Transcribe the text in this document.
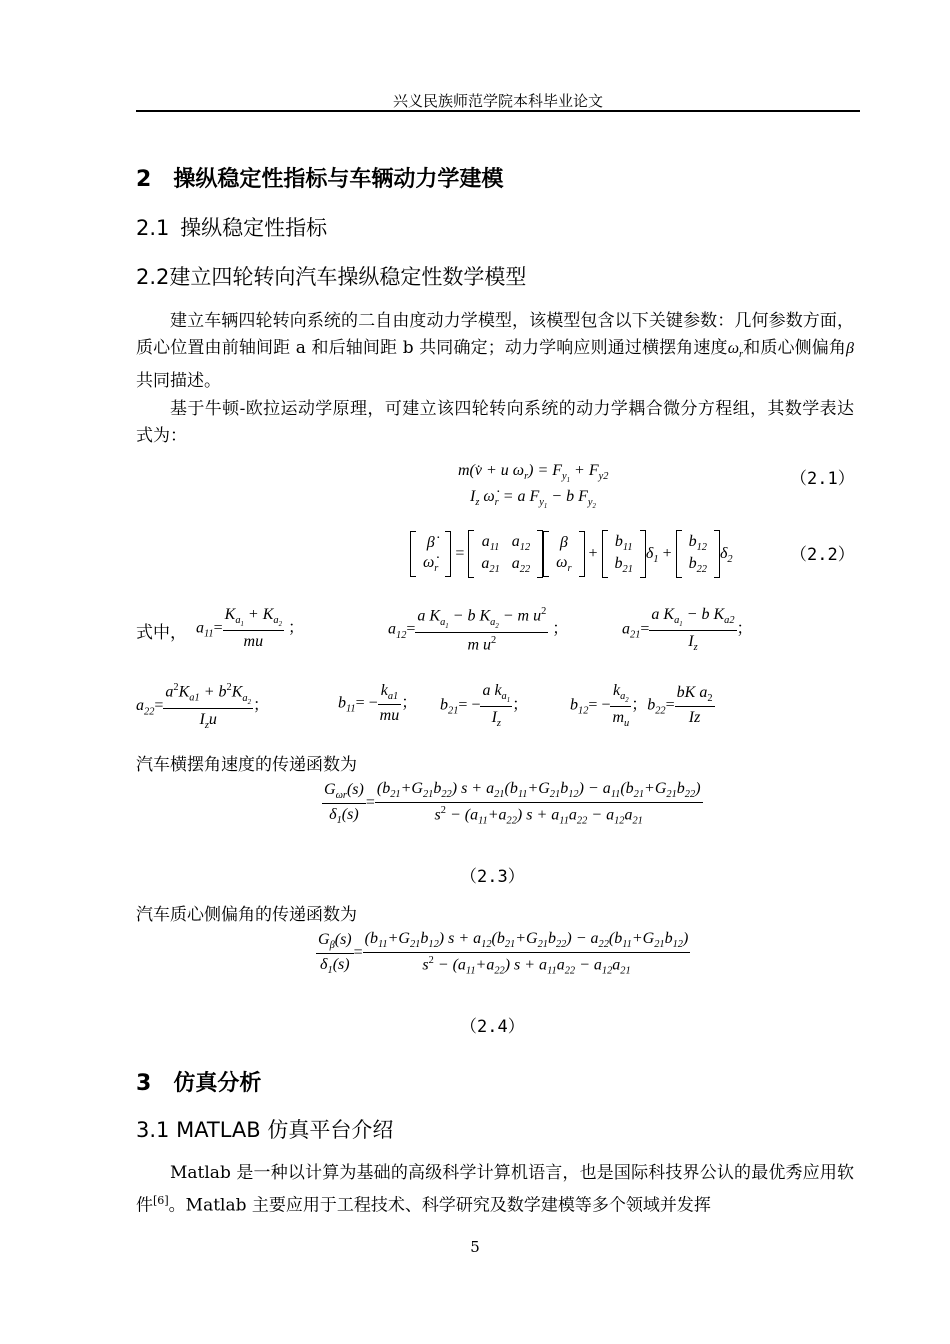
兴义民族师范学院本科毕业论文
2 操纵稳定性指标与车辆动力学建模
2.1 操纵稳定性指标
2.2建立四轮转向汽车操纵稳定性数学模型
建立车辆四轮转向系统的二自由度动力学模型，该模型包含以下关键参数：几何参数方面，质心位置由前轴间距 a 和后轴间距 b 共同确定；动力学响应则通过横摆角速度$\omega_r$和质心侧偏角β共同描述。
基于牛顿-欧拉运动学原理，可建立该四轮转向系统的动力学耦合微分方程组，其数学表达式为：
m(v̇ + u $\omega_r) = F_{y_1} + F_{y2}$
$I_z$ $\omegȧ_r = a$ $F_{y_1} - b$ $F_{y_2}$
（2.1）
β̇
$\omegȧ_r$
=
$a_{11}$	$a_{12}$
$a_{21}$	$a_{22}$
β
$\omega_r$
+
$b_{11}$
$b_{21}$
$\delta_1$ +
$b_{12}$
$b_{22}$
$\delta_2$	（2.2）
式中， $a_{11}= \frac{K_{a_1} + K_{a_2}}{mu}$ ；	$a_{12}= \frac{a K_{a_1} - b K_{a_2} - m u^2}{m u^2}$ ；	$a_{21}= \frac{a K_{a_1} - b K_{a2}}{I_z}$ ；
$a_{22}= \frac{a^2K_{a1} + b^2K_{a_2}}{I_zu}$ ；	$b_{11}= - \frac{k_{a1}}{mu}$ ； $b_{21}= - \frac{a k_{a_1}}{I_z}$ ；	$b_{12}= - \frac{k_{a_2}}{m_u}$ ；$b_{22}= \frac{bK a_2}{Iz}$
汽车横摆角速度的传递函数为
$\frac{G_{\omega r}(s)}{\delta_1(s)} = \frac{(b_{21}+G_{21}b_{22}) s + a_{21}(b_{11}+G_{21}b_{12}) - a_{11}(b_{21}+G_{21}b_{22})}{s^2 - (a_{11}+a_{22}) s + a_{11}a_{22} - a_{12}a_{21}}$
（2.3）
汽车质心侧偏角的传递函数为
$\frac{G_\beta(s)}{\delta_1(s)} = \frac{(b_{11}+G_{21}b_{12}) s + a_{12}(b_{21}+G_{21}b_{22}) - a_{22}(b_{11}+G_{21}b_{12})}{s^2 - (a_{11}+a_{22}) s + a_{11}a_{22} - a_{12}a_{21}}$
（2.4）
3 仿真分析
3.1 MATLAB 仿真平台介绍
Matlab 是一种以计算为基础的高级科学计算机语言，也是国际科技界公认的最优秀应用软件[6]。Matlab 主要应用于工程技术、科学研究及数学建模等多个领域并发挥
5
